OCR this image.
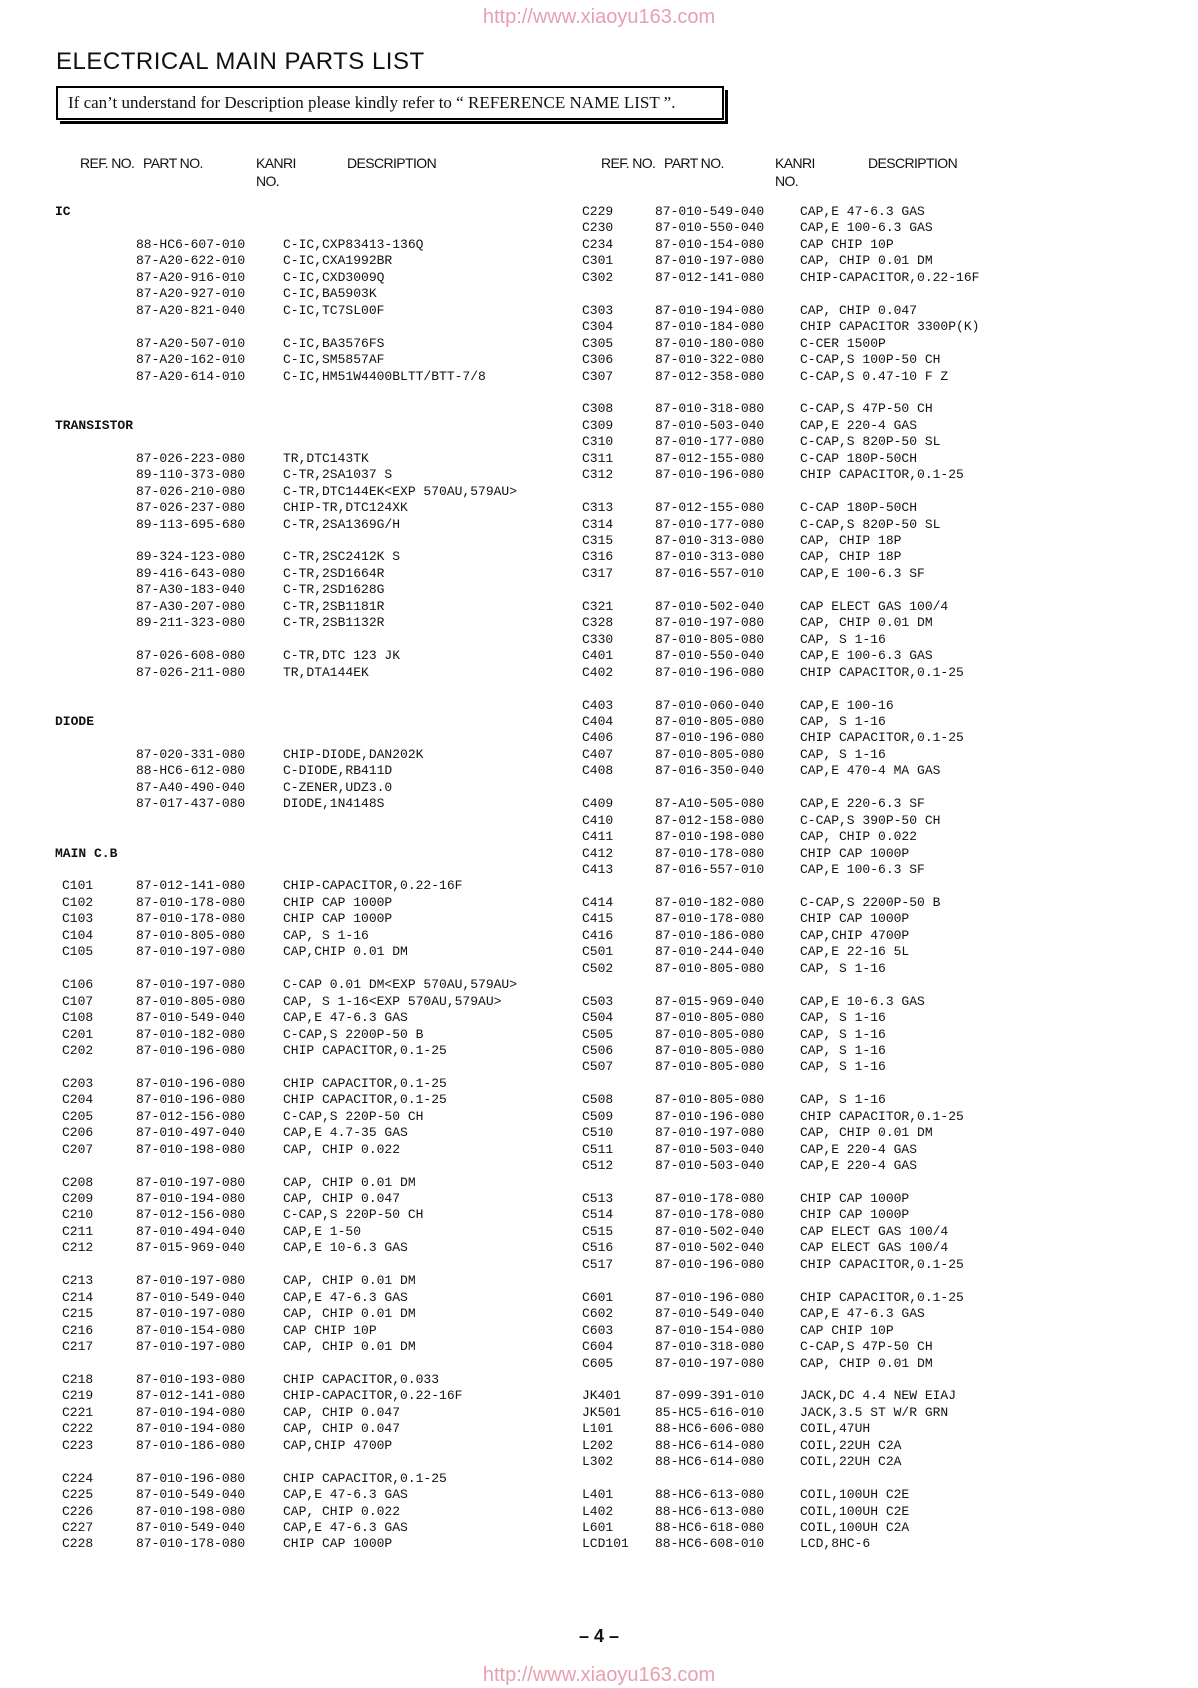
http://www.xiaoyu163.com
ELECTRICAL MAIN PARTS LIST
If can’t understand for Description please kindly refer to “ REFERENCE NAME LIST ”.
REF. NO. PART NO.	KANRI
NO.
DESCRIPTION	REF. NO. PART NO.	KANRI
NO.
DESCRIPTION
IC
TRANSISTOR
DIODE
MAIN C.B
88-HC6-607-010	C-IC,CXP83413-136Q
87-A20-622-010	C-IC,CXA1992BR
87-A20-916-010	C-IC,CXD3009Q
87-A20-927-010	C-IC,BA5903K
87-A20-821-040	C-IC,TC7SL00F
87-A20-507-010	C-IC,BA3576FS
87-A20-162-010	C-IC,SM5857AF
87-A20-614-010	C-IC,HM51W4400BLTT/BTT-7/8
87-026-223-080	TR,DTC143TK
89-110-373-080	C-TR,2SA1037 S
87-026-210-080	C-TR,DTC144EK<EXP 570AU,579AU>
87-026-237-080	CHIP-TR,DTC124XK
89-113-695-680	C-TR,2SA1369G/H
89-324-123-080	C-TR,2SC2412K S
89-416-643-080	C-TR,2SD1664R
87-A30-183-040	C-TR,2SD1628G
87-A30-207-080	C-TR,2SB1181R
89-211-323-080	C-TR,2SB1132R
87-026-608-080	C-TR,DTC 123 JK
87-026-211-080	TR,DTA144EK
87-020-331-080	CHIP-DIODE,DAN202K
88-HC6-612-080	C-DIODE,RB411D
87-A40-490-040	C-ZENER,UDZ3.0
87-017-437-080	DIODE,1N4148S
C101	87-012-141-080	CHIP-CAPACITOR,0.22-16F
C102	87-010-178-080	CHIP CAP 1000P
C103	87-010-178-080	CHIP CAP 1000P
C104	87-010-805-080	CAP, S 1-16
C105	87-010-197-080	CAP,CHIP 0.01 DM
C106	87-010-197-080	C-CAP 0.01 DM<EXP 570AU,579AU>
C107	87-010-805-080	CAP, S 1-16<EXP 570AU,579AU>
C108	87-010-549-040	CAP,E 47-6.3 GAS
C201	87-010-182-080	C-CAP,S 2200P-50 B
C202	87-010-196-080	CHIP CAPACITOR,0.1-25
C203	87-010-196-080	CHIP CAPACITOR,0.1-25
C204	87-010-196-080	CHIP CAPACITOR,0.1-25
C205	87-012-156-080	C-CAP,S 220P-50 CH
C206	87-010-497-040	CAP,E 4.7-35 GAS
C207	87-010-198-080	CAP, CHIP 0.022
C208	87-010-197-080	CAP, CHIP 0.01 DM
C209	87-010-194-080	CAP, CHIP 0.047
C210	87-012-156-080	C-CAP,S 220P-50 CH
C211	87-010-494-040	CAP,E 1-50
C212	87-015-969-040	CAP,E 10-6.3 GAS
C213	87-010-197-080	CAP, CHIP 0.01 DM
C214	87-010-549-040	CAP,E 47-6.3 GAS
C215	87-010-197-080	CAP, CHIP 0.01 DM
C216	87-010-154-080	CAP CHIP 10P
C217	87-010-197-080	CAP, CHIP 0.01 DM
C218	87-010-193-080	CHIP CAPACITOR,0.033
C219	87-012-141-080	CHIP-CAPACITOR,0.22-16F
C221	87-010-194-080	CAP, CHIP 0.047
C222	87-010-194-080	CAP, CHIP 0.047
C223	87-010-186-080	CAP,CHIP 4700P
C224	87-010-196-080	CHIP CAPACITOR,0.1-25
C225	87-010-549-040	CAP,E 47-6.3 GAS
C226	87-010-198-080	CAP, CHIP 0.022
C227	87-010-549-040	CAP,E 47-6.3 GAS
C228	87-010-178-080	CHIP CAP 1000P
C229	87-010-549-040	CAP,E 47-6.3 GAS
C230	87-010-550-040	CAP,E 100-6.3 GAS
C234	87-010-154-080	CAP CHIP 10P
C301	87-010-197-080	CAP, CHIP 0.01 DM
C302	87-012-141-080	CHIP-CAPACITOR,0.22-16F
C303	87-010-194-080	CAP, CHIP 0.047
C304	87-010-184-080	CHIP CAPACITOR 3300P(K)
C305	87-010-180-080	C-CER 1500P
C306	87-010-322-080	C-CAP,S 100P-50 CH
C307	87-012-358-080	C-CAP,S 0.47-10 F Z
C308	87-010-318-080	C-CAP,S 47P-50 CH
C309	87-010-503-040	CAP,E 220-4 GAS
C310	87-010-177-080	C-CAP,S 820P-50 SL
C311	87-012-155-080	C-CAP 180P-50CH
C312	87-010-196-080	CHIP CAPACITOR,0.1-25
C313	87-012-155-080	C-CAP 180P-50CH
C314	87-010-177-080	C-CAP,S 820P-50 SL
C315	87-010-313-080	CAP, CHIP 18P
C316	87-010-313-080	CAP, CHIP 18P
C317	87-016-557-010	CAP,E 100-6.3 SF
C321	87-010-502-040	CAP ELECT GAS 100/4
C328	87-010-197-080	CAP, CHIP 0.01 DM
C330	87-010-805-080	CAP, S 1-16
C401	87-010-550-040	CAP,E 100-6.3 GAS
C402	87-010-196-080	CHIP CAPACITOR,0.1-25
C403	87-010-060-040	CAP,E 100-16
C404	87-010-805-080	CAP, S 1-16
C406	87-010-196-080	CHIP CAPACITOR,0.1-25
C407	87-010-805-080	CAP, S 1-16
C408	87-016-350-040	CAP,E 470-4 MA GAS
C409	87-A10-505-080	CAP,E 220-6.3 SF
C410	87-012-158-080	C-CAP,S 390P-50 CH
C411	87-010-198-080	CAP, CHIP 0.022
C412	87-010-178-080	CHIP CAP 1000P
C413	87-016-557-010	CAP,E 100-6.3 SF
C414	87-010-182-080	C-CAP,S 2200P-50 B
C415	87-010-178-080	CHIP CAP 1000P
C416	87-010-186-080	CAP,CHIP 4700P
C501	87-010-244-040	CAP,E 22-16 5L
C502	87-010-805-080	CAP, S 1-16
C503	87-015-969-040	CAP,E 10-6.3 GAS
C504	87-010-805-080	CAP, S 1-16
C505	87-010-805-080	CAP, S 1-16
C506	87-010-805-080	CAP, S 1-16
C507	87-010-805-080	CAP, S 1-16
C508	87-010-805-080	CAP, S 1-16
C509	87-010-196-080	CHIP CAPACITOR,0.1-25
C510	87-010-197-080	CAP, CHIP 0.01 DM
C511	87-010-503-040	CAP,E 220-4 GAS
C512	87-010-503-040	CAP,E 220-4 GAS
C513	87-010-178-080	CHIP CAP 1000P
C514	87-010-178-080	CHIP CAP 1000P
C515	87-010-502-040	CAP ELECT GAS 100/4
C516	87-010-502-040	CAP ELECT GAS 100/4
C517	87-010-196-080	CHIP CAPACITOR,0.1-25
C601	87-010-196-080	CHIP CAPACITOR,0.1-25
C602	87-010-549-040	CAP,E 47-6.3 GAS
C603	87-010-154-080	CAP CHIP 10P
C604	87-010-318-080	C-CAP,S 47P-50 CH
C605	87-010-197-080	CAP, CHIP 0.01 DM
JK401	87-099-391-010	JACK,DC 4.4 NEW EIAJ
JK501	85-HC5-616-010	JACK,3.5 ST W/R GRN
L101	88-HC6-606-080	COIL,47UH
L202	88-HC6-614-080	COIL,22UH C2A
L302	88-HC6-614-080	COIL,22UH C2A
L401	88-HC6-613-080	COIL,100UH C2E
L402	88-HC6-613-080	COIL,100UH C2E
L601	88-HC6-618-080	COIL,100UH C2A
LCD101 88-HC6-608-010	LCD,8HC-6
– 4 –
http://www.xiaoyu163.com
